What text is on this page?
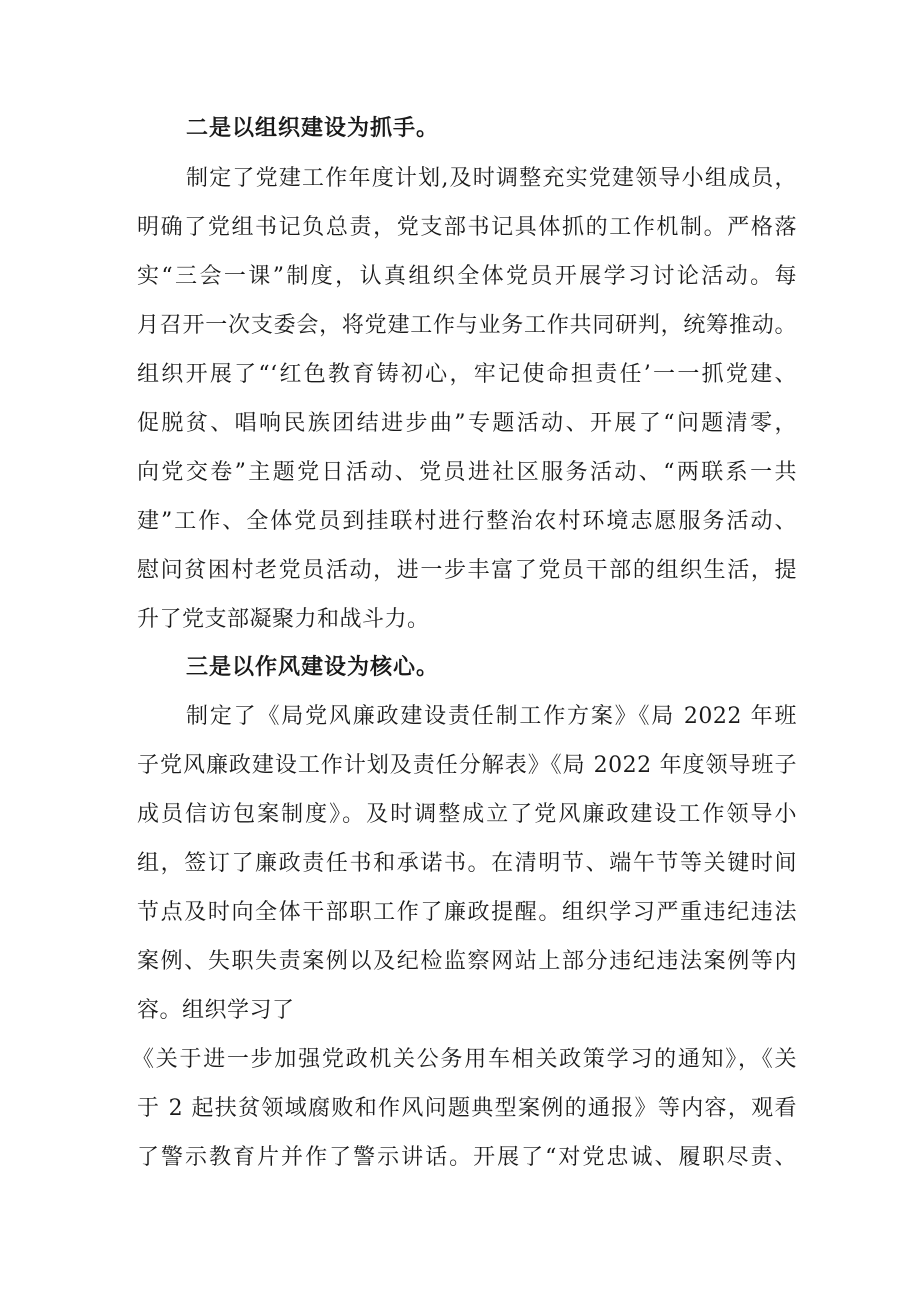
二是以组织建设为抓手。
制定了党建工作年度计划,及时调整充实党建领导小组成员，
明确了党组书记负总责，党支部书记具体抓的工作机制。严格落
实“三会一课”制度，认真组织全体党员开展学习讨论活动。每
月召开一次支委会，将党建工作与业务工作共同研判，统筹推动。
组织开展了“‘红色教育铸初心，牢记使命担责任’一一抓党建、
促脱贫、唱响民族团结进步曲”专题活动、开展了“问题清零，
向党交卷”主题党日活动、党员进社区服务活动、“两联系一共
建”工作、全体党员到挂联村进行整治农村环境志愿服务活动、
慰问贫困村老党员活动，进一步丰富了党员干部的组织生活，提
升了党支部凝聚力和战斗力。
三是以作风建设为核心。
制定了《局党风廉政建设责任制工作方案》《局 2022 年班
子党风廉政建设工作计划及责任分解表》《局 2022 年度领导班子
成员信访包案制度》。及时调整成立了党风廉政建设工作领导小
组，签订了廉政责任书和承诺书。在清明节、端午节等关键时间
节点及时向全体干部职工作了廉政提醒。组织学习严重违纪违法
案例、失职失责案例以及纪检监察网站上部分违纪违法案例等内
容。组织学习了
《关于进一步加强党政机关公务用车相关政策学习的通知》，《关
于 2 起扶贫领域腐败和作风问题典型案例的通报》等内容，观看
了警示教育片并作了警示讲话。开展了“对党忠诚、履职尽责、
